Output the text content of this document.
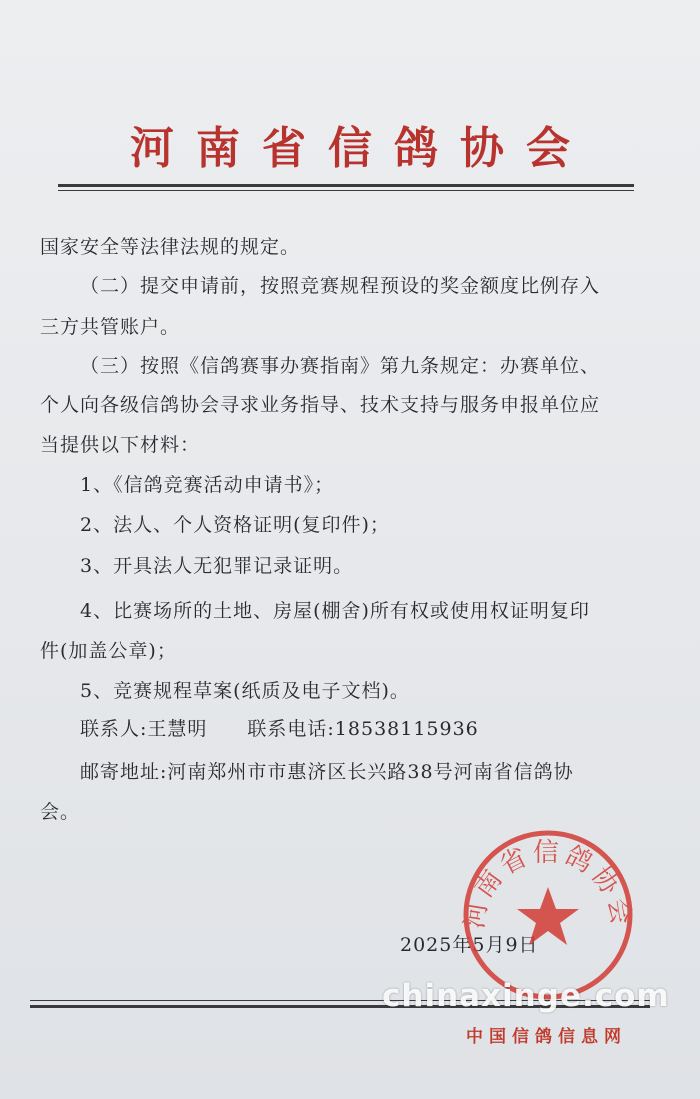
河南省信鸽协会
国家安全等法律法规的规定。
（二）提交申请前，按照竞赛规程预设的奖金额度比例存入
三方共管账户。
（三）按照《信鸽赛事办赛指南》第九条规定：办赛单位、
个人向各级信鸽协会寻求业务指导、技术支持与服务申报单位应
当提供以下材料：
1、《信鸽竞赛活动申请书》；
2、法人、个人资格证明(复印件)；
3、开具法人无犯罪记录证明。
4、比赛场所的土地、房屋(棚舍)所有权或使用权证明复印
件(加盖公章)；
5、竞赛规程草案(纸质及电子文档)。
联系人:王慧明　　联系电话:18538115936
邮寄地址:河南郑州市市惠济区长兴路38号河南省信鸽协
会。
2025年5月9日
河南省信鸽协会
chinaxinge.com
中国信鸽信息网
